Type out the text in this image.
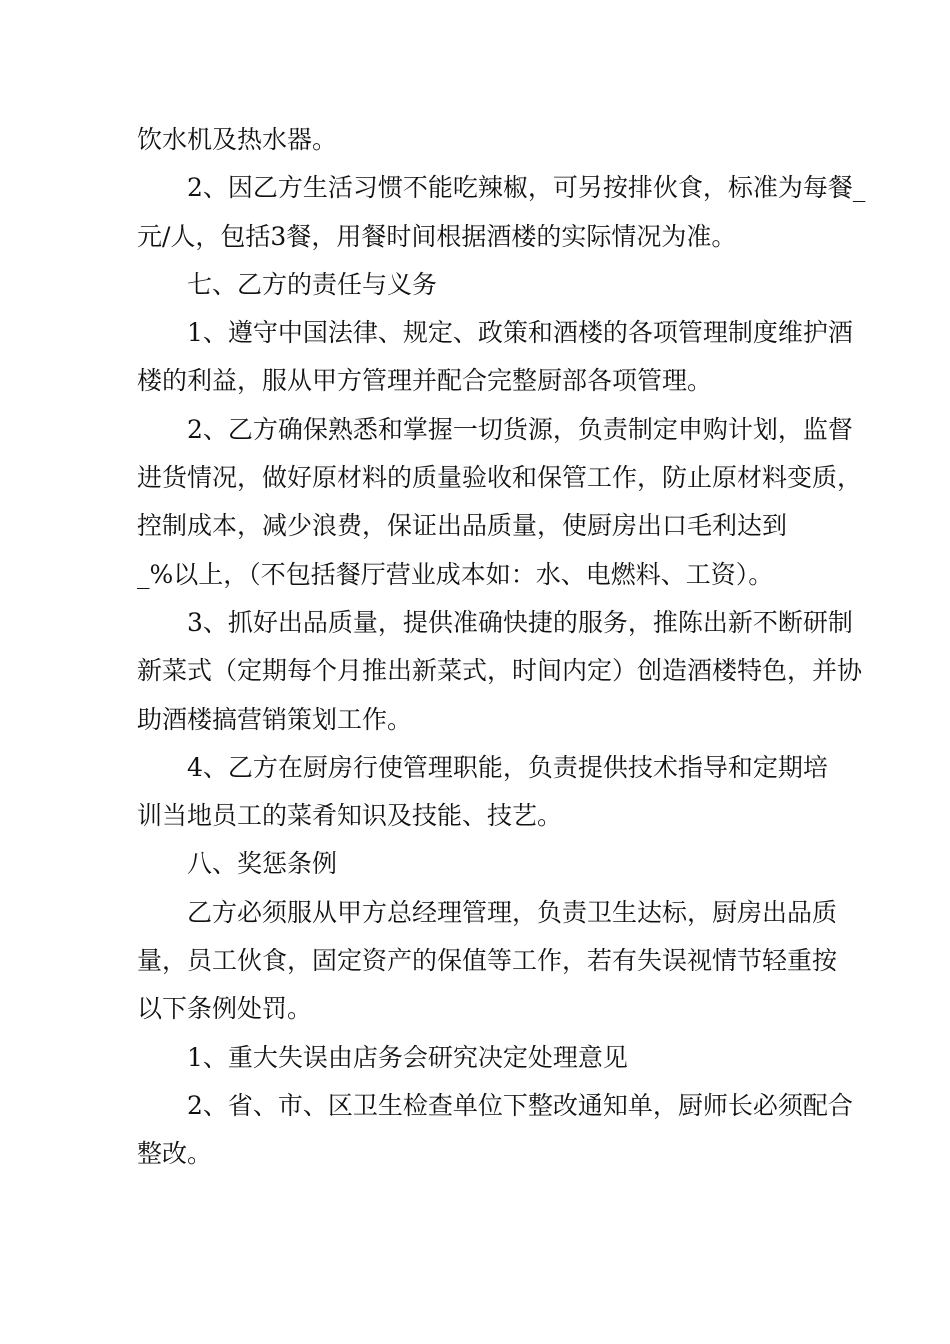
饮水机及热水器。
2、因乙方生活习惯不能吃辣椒，可另按排伙食，标准为每餐_
元/人，包括3餐，用餐时间根据酒楼的实际情况为准。
七、乙方的责任与义务
1、遵守中国法律、规定、政策和酒楼的各项管理制度维护酒
楼的利益，服从甲方管理并配合完整厨部各项管理。
2、乙方确保熟悉和掌握一切货源，负责制定申购计划，监督
进货情况，做好原材料的质量验收和保管工作，防止原材料变质，
控制成本，减少浪费，保证出品质量，使厨房出口毛利达到
_%以上，（不包括餐厅营业成本如：水、电燃料、工资）。
3、抓好出品质量，提供准确快捷的服务，推陈出新不断研制
新菜式（定期每个月推出新菜式，时间内定）创造酒楼特色，并协
助酒楼搞营销策划工作。
4、乙方在厨房行使管理职能，负责提供技术指导和定期培
训当地员工的菜肴知识及技能、技艺。
八、奖惩条例
乙方必须服从甲方总经理管理，负责卫生达标，厨房出品质
量，员工伙食，固定资产的保值等工作，若有失误视情节轻重按
以下条例处罚。
1、重大失误由店务会研究决定处理意见
2、省、市、区卫生检查单位下整改通知单，厨师长必须配合
整改。
